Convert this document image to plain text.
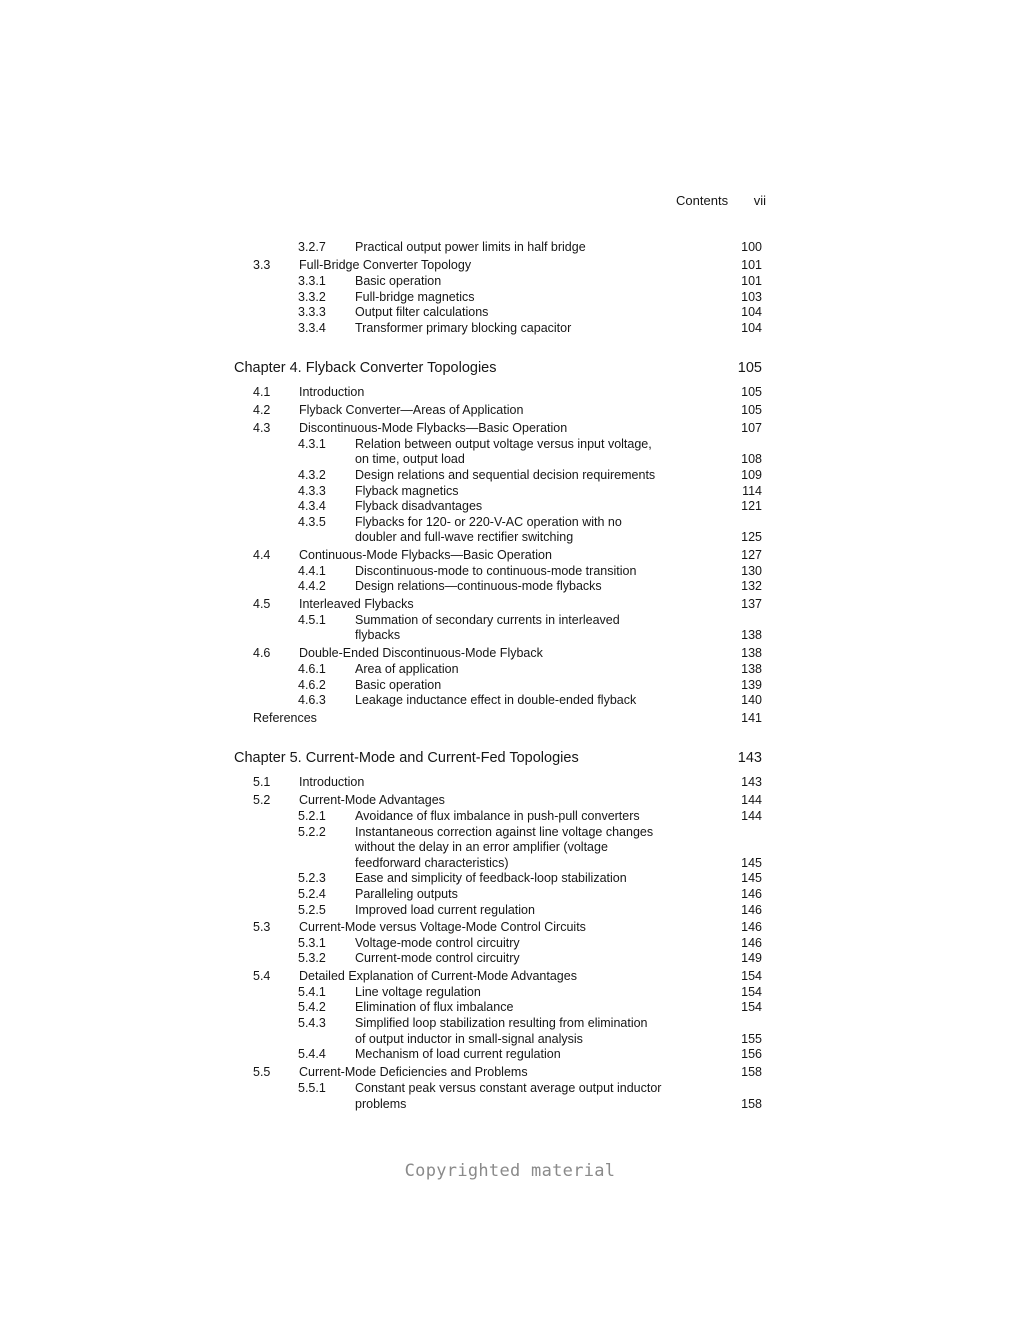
Contents vii
3.2.7 Practical output power limits in half bridge	100
3.3 Full-Bridge Converter Topology	101
3.3.1 Basic operation	101
3.3.2 Full-bridge magnetics	103
3.3.3 Output filter calculations	104
3.3.4 Transformer primary blocking capacitor	104
Chapter 4. Flyback Converter Topologies	105
4.1 Introduction	105
4.2 Flyback Converter—Areas of Application	105
4.3 Discontinuous-Mode Flybacks—Basic Operation	107
4.3.1 Relation between output voltage versus input voltage,
on time, output load	108
4.3.2 Design relations and sequential decision requirements	109
4.3.3 Flyback magnetics	114
4.3.4 Flyback disadvantages	121
4.3.5 Flybacks for 120- or 220-V-AC operation with no
doubler and full-wave rectifier switching	125
4.4 Continuous-Mode Flybacks—Basic Operation	127
4.4.1 Discontinuous-mode to continuous-mode transition	130
4.4.2 Design relations—continuous-mode flybacks	132
4.5 Interleaved Flybacks	137
4.5.1 Summation of secondary currents in interleaved
flybacks	138
4.6 Double-Ended Discontinuous-Mode Flyback	138
4.6.1 Area of application	138
4.6.2 Basic operation	139
4.6.3 Leakage inductance effect in double-ended flyback	140
References	141
Chapter 5. Current-Mode and Current-Fed Topologies	143
5.1 Introduction	143
5.2 Current-Mode Advantages	144
5.2.1 Avoidance of flux imbalance in push-pull converters	144
5.2.2 Instantaneous correction against line voltage changes
without the delay in an error amplifier (voltage
feedforward characteristics)	145
5.2.3 Ease and simplicity of feedback-loop stabilization	145
5.2.4 Paralleling outputs	146
5.2.5 Improved load current regulation	146
5.3 Current-Mode versus Voltage-Mode Control Circuits	146
5.3.1 Voltage-mode control circuitry	146
5.3.2 Current-mode control circuitry	149
5.4 Detailed Explanation of Current-Mode Advantages	154
5.4.1 Line voltage regulation	154
5.4.2 Elimination of flux imbalance	154
5.4.3 Simplified loop stabilization resulting from elimination
of output inductor in small-signal analysis	155
5.4.4 Mechanism of load current regulation	156
5.5 Current-Mode Deficiencies and Problems	158
5.5.1 Constant peak versus constant average output inductor
problems	158
Copyrighted material
